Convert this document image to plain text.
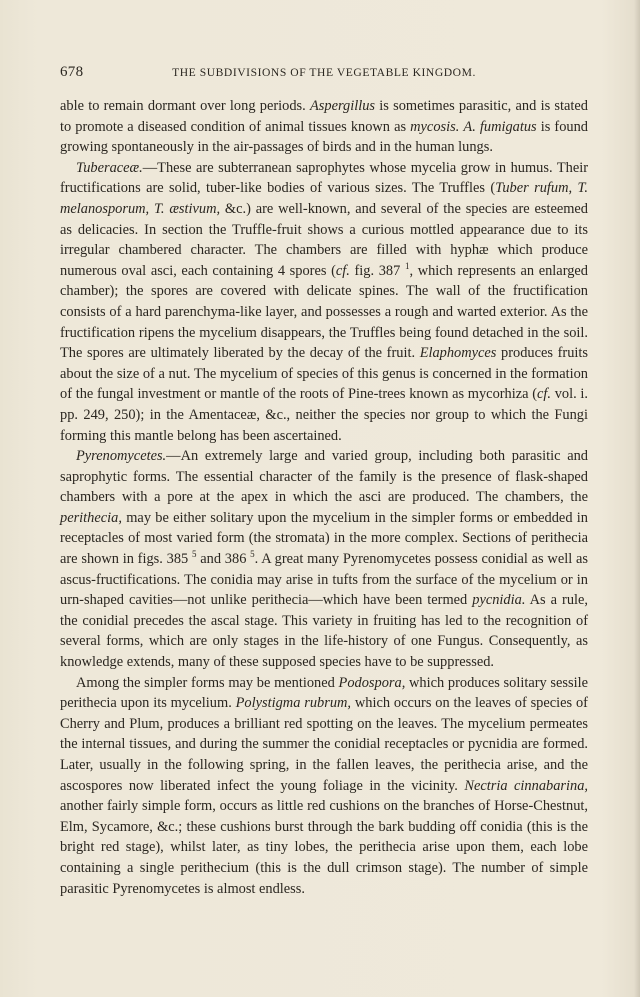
678	THE SUBDIVISIONS OF THE VEGETABLE KINGDOM.

able to remain dormant over long periods. Aspergillus is sometimes parasitic, and is stated to promote a diseased condition of animal tissues known as mycosis. A. fumigatus is found growing spontaneously in the air-passages of birds and in the human lungs.

Tuberaceæ.—These are subterranean saprophytes whose mycelia grow in humus. Their fructifications are solid, tuber-like bodies of various sizes. The Truffles (Tuber rufum, T. melanosporum, T. æstivum, &c.) are well-known, and several of the species are esteemed as delicacies. In section the Truffle-fruit shows a curious mottled appearance due to its irregular chambered character. The chambers are filled with hyphæ which produce numerous oval asci, each containing 4 spores (cf. fig. 387 $^1$, which represents an enlarged chamber); the spores are covered with delicate spines. The wall of the fructification consists of a hard parenchyma-like layer, and possesses a rough and warted exterior. As the fructification ripens the mycelium disappears, the Truffles being found detached in the soil. The spores are ultimately liberated by the decay of the fruit. Elaphomyces produces fruits about the size of a nut. The mycelium of species of this genus is concerned in the formation of the fungal investment or mantle of the roots of Pine-trees known as mycorhiza (cf. vol. i. pp. 249, 250); in the Amentaceæ, &c., neither the species nor group to which the Fungi forming this mantle belong has been ascertained.

Pyrenomycetes.—An extremely large and varied group, including both parasitic and saprophytic forms. The essential character of the family is the presence of flask-shaped chambers with a pore at the apex in which the asci are produced. The chambers, the perithecia, may be either solitary upon the mycelium in the simpler forms or embedded in receptacles of most varied form (the stromata) in the more complex. Sections of perithecia are shown in figs. 385 $^5$ and 386 $^5$. A great many Pyrenomycetes possess conidial as well as ascus-fructifications. The conidia may arise in tufts from the surface of the mycelium or in urn-shaped cavities—not unlike perithecia—which have been termed pycnidia. As a rule, the conidial precedes the ascal stage. This variety in fruiting has led to the recognition of several forms, which are only stages in the life-history of one Fungus. Consequently, as knowledge extends, many of these supposed species have to be suppressed.

Among the simpler forms may be mentioned Podospora, which produces solitary sessile perithecia upon its mycelium. Polystigma rubrum, which occurs on the leaves of species of Cherry and Plum, produces a brilliant red spotting on the leaves. The mycelium permeates the internal tissues, and during the summer the conidial receptacles or pycnidia are formed. Later, usually in the following spring, in the fallen leaves, the perithecia arise, and the ascospores now liberated infect the young foliage in the vicinity. Nectria cinnabarina, another fairly simple form, occurs as little red cushions on the branches of Horse-Chestnut, Elm, Sycamore, &c.; these cushions burst through the bark budding off conidia (this is the bright red stage), whilst later, as tiny lobes, the perithecia arise upon them, each lobe containing a single perithecium (this is the dull crimson stage). The number of simple parasitic Pyrenomycetes is almost endless.
